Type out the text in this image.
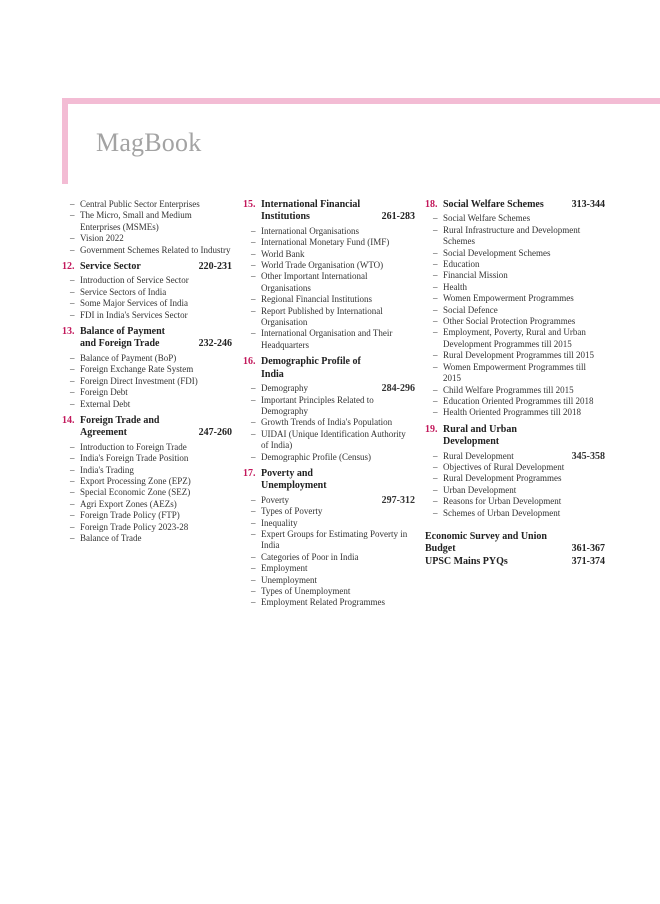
MagBook
– Central Public Sector Enterprises
– The Micro, Small and Medium Enterprises (MSMEs)
– Vision 2022
– Government Schemes Related to Industry
12. Service Sector	220-231
– Introduction of Service Sector
– Service Sectors of India
– Some Major Services of India
– FDI in India's Services Sector
13. Balance of Payment and Foreign Trade	232-246
– Balance of Payment (BoP)
– Foreign Exchange Rate System
– Foreign Direct Investment (FDI)
– Foreign Debt
– External Debt
14. Foreign Trade and Agreement	247-260
– Introduction to Foreign Trade
– India's Foreign Trade Position
– India's Trading
– Export Processing Zone (EPZ)
– Special Economic Zone (SEZ)
– Agri Export Zones (AEZs)
– Foreign Trade Policy (FTP)
– Foreign Trade Policy 2023-28
– Balance of Trade
15. International Financial Institutions	261-283
– International Organisations
– International Monetary Fund (IMF)
– World Bank
– World Trade Organisation (WTO)
– Other Important International Organisations
– Regional Financial Institutions
– Report Published by International Organisation
– International Organisation and Their Headquarters
16. Demographic Profile of India
– Demography	284-296
– Important Principles Related to Demography
– Growth Trends of India's Population
– UIDAI (Unique Identification Authority of India)
– Demographic Profile (Census)
17. Poverty and Unemployment
– Poverty	297-312
– Types of Poverty
– Inequality
– Expert Groups for Estimating Poverty in India
– Categories of Poor in India
– Employment
– Unemployment
– Types of Unemployment
– Employment Related Programmes
18. Social Welfare Schemes	313-344
– Social Welfare Schemes
– Rural Infrastructure and Development Schemes
– Social Development Schemes
– Education
– Financial Mission
– Health
– Women Empowerment Programmes
– Social Defence
– Other Social Protection Programmes
– Employment, Poverty, Rural and Urban Development Programmes till 2015
– Rural Development Programmes till 2015
– Women Empowerment Programmes till 2015
– Child Welfare Programmes till 2015
– Education Oriented Programmes till 2018
– Health Oriented Programmes till 2018
19. Rural and Urban Development
– Rural Development	345-358
– Objectives of Rural Development
– Rural Development Programmes
– Urban Development
– Reasons for Urban Development
– Schemes of Urban Development
Economic Survey and Union Budget	361-367
UPSC Mains PYQs	371-374
